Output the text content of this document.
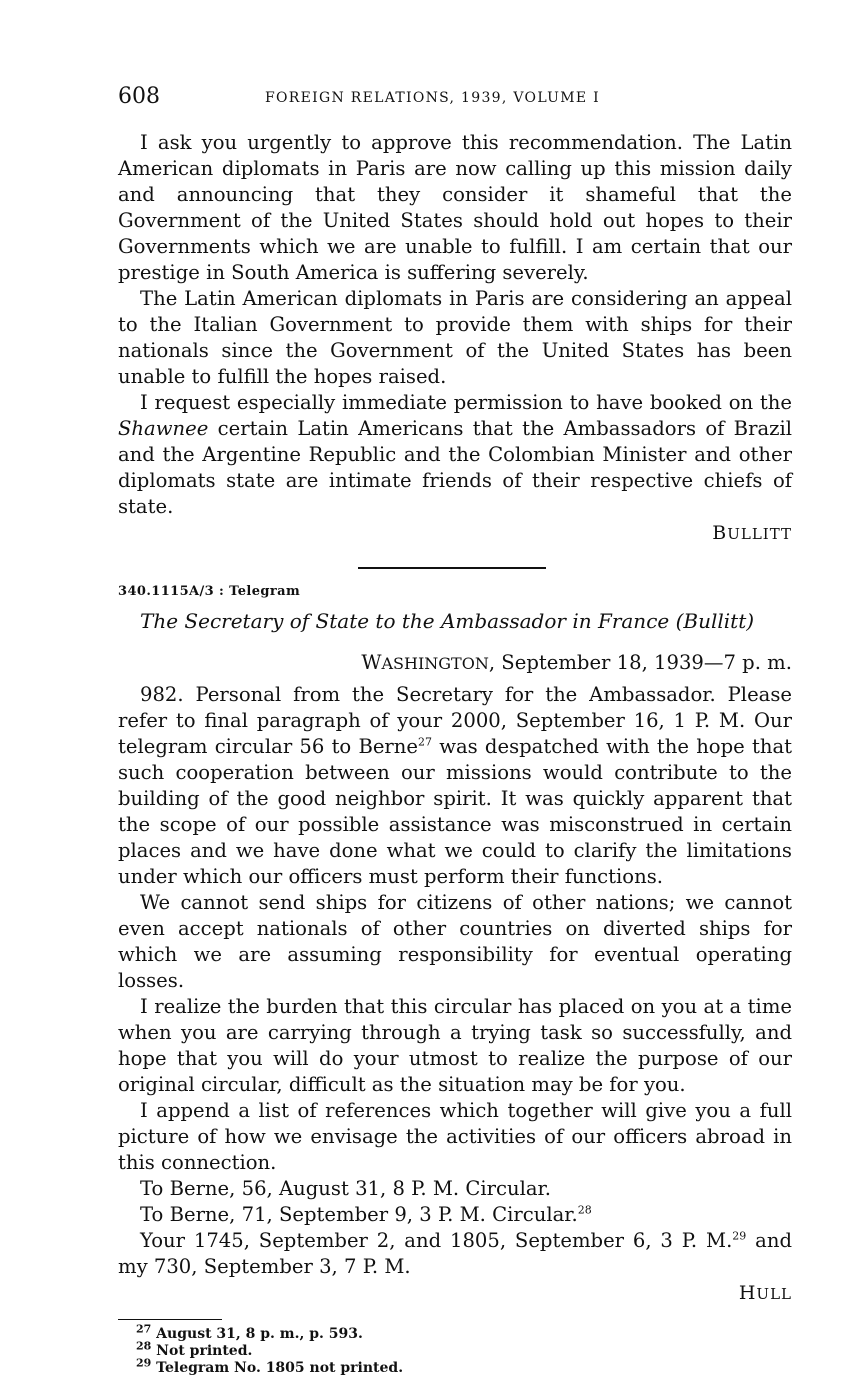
608	FOREIGN RELATIONS, 1939, VOLUME I

I ask you urgently to approve this recommendation. The Latin American diplomats in Paris are now calling up this mission daily and announcing that they consider it shameful that the Government of the United States should hold out hopes to their Governments which we are unable to fulfill. I am certain that our prestige in South America is suffering severely.

The Latin American diplomats in Paris are considering an appeal to the Italian Government to provide them with ships for their nationals since the Government of the United States has been unable to fulfill the hopes raised.

I request especially immediate permission to have booked on the Shawnee certain Latin Americans that the Ambassadors of Brazil and the Argentine Republic and the Colombian Minister and other diplomats state are intimate friends of their respective chiefs of state.

BULLITT
340.1115A/3 : Telegram
The Secretary of State to the Ambassador in France (Bullitt)
WASHINGTON, September 18, 1939—7 p. m.

982. Personal from the Secretary for the Ambassador. Please refer to final paragraph of your 2000, September 16, 1 P. M. Our telegram circular 56 to Berne$^{27}$ was despatched with the hope that such cooperation between our missions would contribute to the building of the good neighbor spirit. It was quickly apparent that the scope of our possible assistance was misconstrued in certain places and we have done what we could to clarify the limitations under which our officers must perform their functions.

We cannot send ships for citizens of other nations; we cannot even accept nationals of other countries on diverted ships for which we are assuming responsibility for eventual operating losses.

I realize the burden that this circular has placed on you at a time when you are carrying through a trying task so successfully, and hope that you will do your utmost to realize the purpose of our original circular, difficult as the situation may be for you.

I append a list of references which together will give you a full picture of how we envisage the activities of our officers abroad in this connection.

To Berne, 56, August 31, 8 P. M. Circular.

To Berne, 71, September 9, 3 P. M. Circular.$^{28}$

Your 1745, September 2, and 1805, September 6, 3 P. M.$^{29}$ and my 730, September 3, 7 P. M.

HULL
$^{27}$ August 31, 8 p. m., p. 593.
$^{28}$ Not printed.
$^{29}$ Telegram No. 1805 not printed.
